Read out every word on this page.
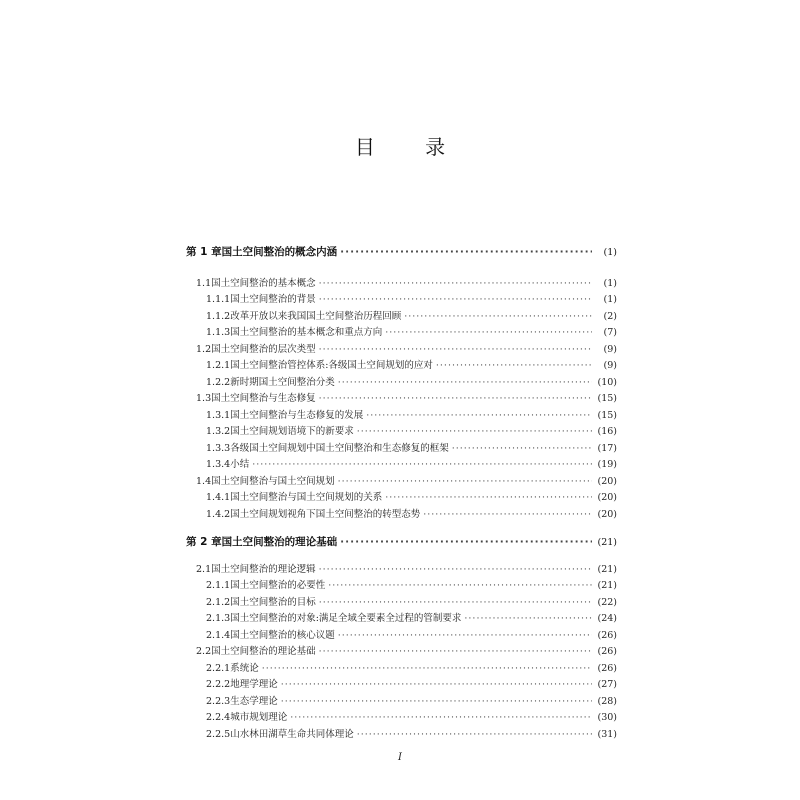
目 录
第 1 章 国土空间整治的概念内涵 ·····	(1)
1.1 国土空间整治的基本概念 ·····	(1)
1.1.1 国土空间整治的背景 ·····	(1)
1.1.2 改革开放以来我国国土空间整治历程回顾 ·····	(2)
1.1.3 国土空间整治的基本概念和重点方向 ·····	(7)
1.2 国土空间整治的层次类型 ·····	(9)
1.2.1 国土空间整治管控体系:各级国土空间规划的应对 ·····	(9)
1.2.2 新时期国土空间整治分类 ·····	(10)
1.3 国土空间整治与生态修复 ·····	(15)
1.3.1 国土空间整治与生态修复的发展 ·····	(15)
1.3.2 国土空间规划语境下的新要求 ·····	(16)
1.3.3 各级国土空间规划中国土空间整治和生态修复的框架 ·····	(17)
1.3.4 小结 ·····	(19)
1.4 国土空间整治与国土空间规划 ·····	(20)
1.4.1 国土空间整治与国土空间规划的关系 ·····	(20)
1.4.2 国土空间规划视角下国土空间整治的转型态势 ·····	(20)
第 2 章 国土空间整治的理论基础 ·····	(21)
2.1 国土空间整治的理论逻辑 ·····	(21)
2.1.1 国土空间整治的必要性 ·····	(21)
2.1.2 国土空间整治的目标 ·····	(22)
2.1.3 国土空间整治的对象:满足全域全要素全过程的管制要求 ·····	(24)
2.1.4 国土空间整治的核心议题 ·····	(26)
2.2 国土空间整治的理论基础 ·····	(26)
2.2.1 系统论 ·····	(26)
2.2.2 地理学理论 ·····	(27)
2.2.3 生态学理论 ·····	(28)
2.2.4 城市规划理论 ·····	(30)
2.2.5 山水林田湖草生命共同体理论 ·····	(31)
I
